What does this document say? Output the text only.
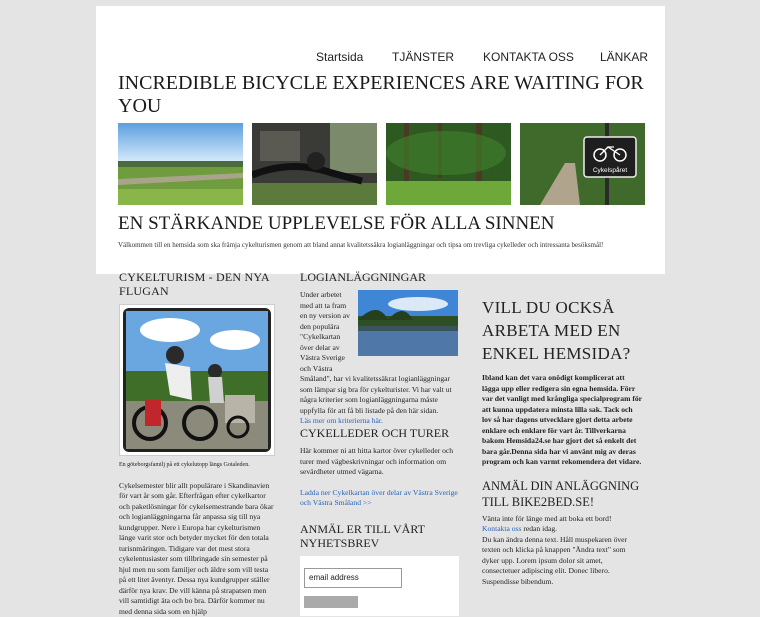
Startsida TJÄNSTER KONTAKTA OSS LÄNKAR
INCREDIBLE BICYCLE EXPERIENCES ARE WAITING FOR YOU
Cykelspåret
EN STÄRKANDE UPPLEVELSE FÖR ALLA SINNEN

Välkommen till en hemsida som ska främja cykelturismen genom att bland annat kvalitetssäkra logianläggningar och tipsa om trevliga cykelleder och intressanta besöksmål!

CYKELTURISM - DEN NYA FLUGAN
En göteborgsfamilj på ett cykelutopp längs Gotaleden.
Cykelsemester blir allt populärare i Skandinavien för vart år som går. Efterfrågan efter cykelkartor och paketlösningar för cykelsemestrande bara ökar och logianläggningarna får anpassa sig till nya kundgrupper. Nere i Europa har cykelturismen länge varit stor och betyder mycket för den totala turisnmäringen. Tidigare var det mest stora cykelentusiaster som tillbringade sin semester på hjul men nu som familjer och äldre som vill testa på ett litet äventyr. Dessa nya kundgrupper ställer därför nya krav. De vill känna på strapatsen men vill samtidigt äta och bo bra. Därför kommer nu med denna sida som en hjälp
LOGIANLÄGGNINGAR
Under arbetet med att ta fram en ny version av den populära "Cykelkartan över delar av Västra Sverige och Västra
Småland", har vi kvalitetssäkrat logianläggningar som lämpar sig bra för cykelturister. Vi har valt ut några kriterier som logianläggningarna måste uppfylla för att få bli listade på den här sidan.
Läs mer om kriterierna här.
CYKELLEDER OCH TURER
Här kommer ni att hitta kartor över cykelleder och turer med vägbeskrivningar och information om sevärdheter utmed vägarna.
Ladda ner Cykelkartan över delar av Västra Sverige och Västra Småland >>
ANMÄL ER TILL VÅRT NYHETSBREV
email address
VILL DU OCKSÅ ARBETA MED EN ENKEL HEMSIDA?
Ibland kan det vara onödigt komplicerat att lägga upp eller redigera sin egna hemsida. Förr var det vanligt med krångliga specialprogram för att kunna uppdatera minsta lilla sak. Tack och lov så har dagens utvecklare gjort detta arbete enklare och enklare för vart år. Tillverkarna bakom Hemsida24.se har gjort det så enkelt det bara går.Denna sida har vi använt mig av deras program och kan varmt rekomendera det vidare.
ANMÄL DIN ANLÄGGNING TILL BIKE2BED.SE!
Vänta inte för länge med att boka ett bord!
Kontakta oss redan idag.
Du kan ändra denna text. Håll muspekaren över texten och klicka på knappen "Ändra text" som dyker upp. Lorem ipsum dolor sit amet, consectetuer adipiscing elit. Donec libero. Suspendisse bibendum.
